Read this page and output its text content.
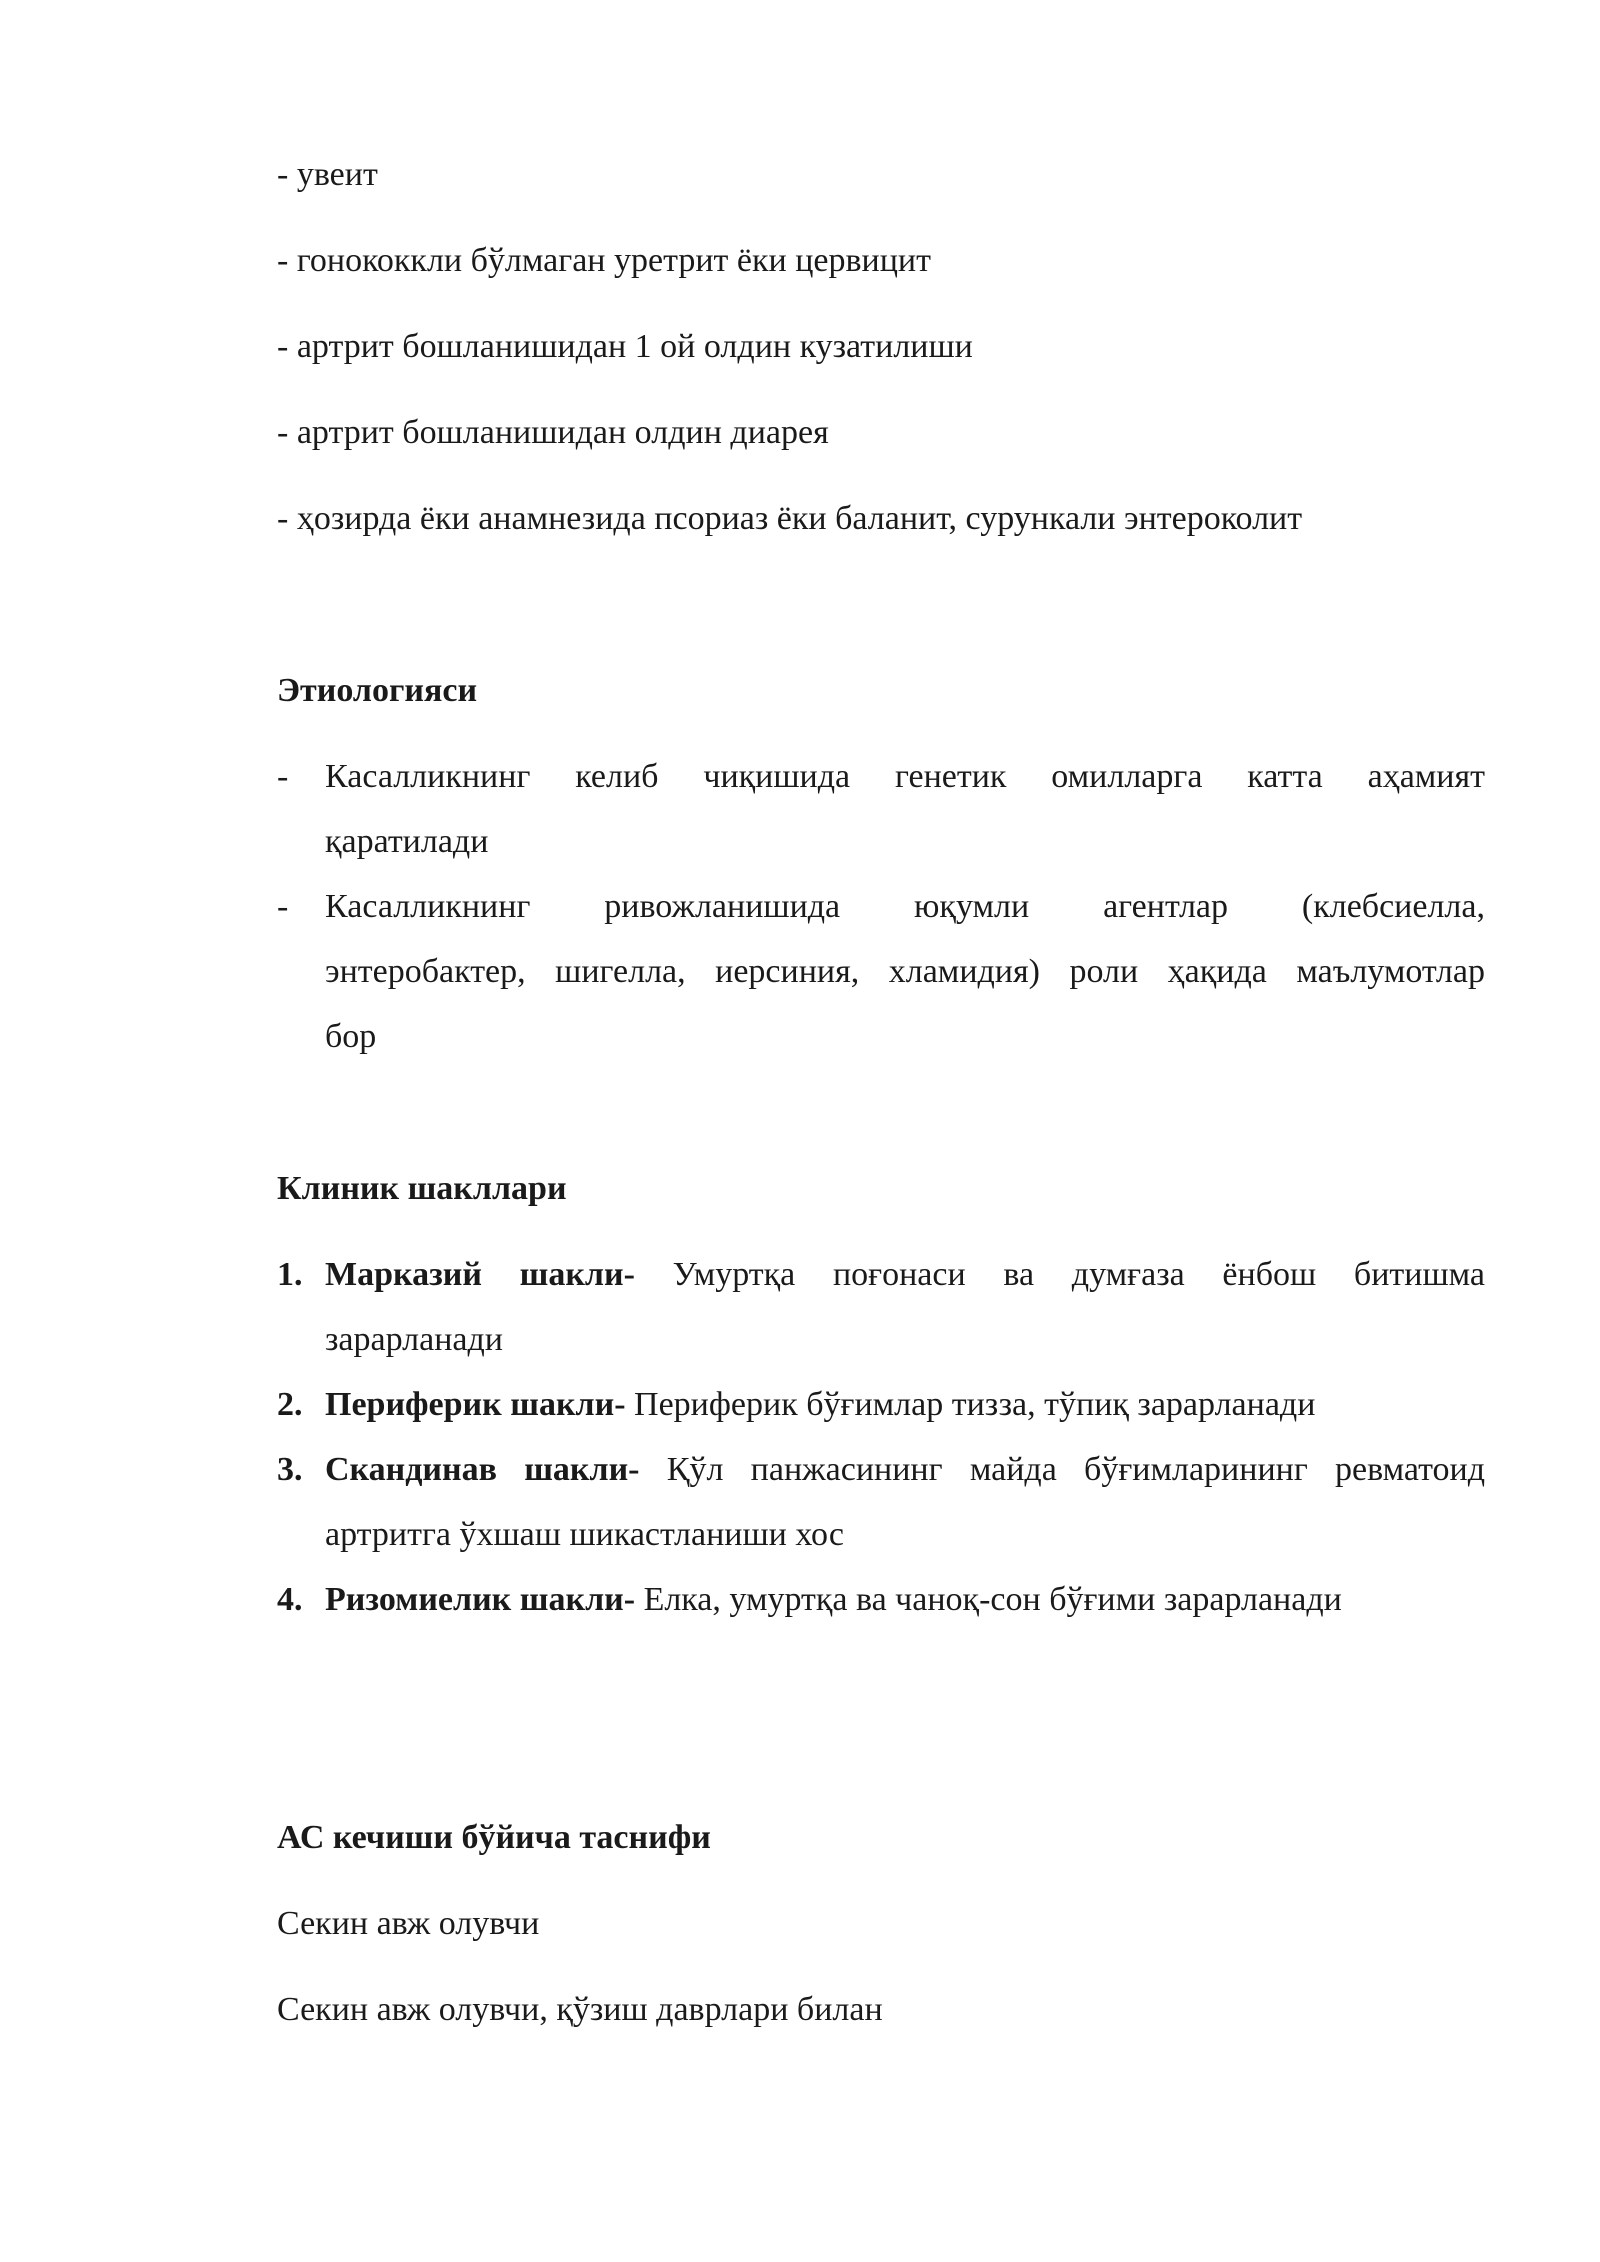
- увеит
- гонококкли бўлмаган уретрит ёки цервицит
- артрит бошланишидан 1 ой олдин кузатилиши
- артрит бошланишидан олдин диарея
- ҳозирда ёки анамнезида псориаз ёки баланит, сурункали энтероколит
Этиологияси
- Касалликнинг келиб чиқишида генетик омилларга катта аҳамият
қаратилади
- Касалликнинг ривожланишида юқумли агентлар (клебсиелла,
энтеробактер, шигелла, иерсиния, хламидия) роли ҳақида маълумотлар
бор
Клиник шакллари
1. Марказий шакли- Умуртқа поғонаси ва думғаза ёнбош битишма
зарарланади
2. Периферик шакли- Периферик бўғимлар тизза, тўпиқ зарарланади
3. Скандинав шакли- Қўл панжасининг майда бўғимларининг ревматоид
артритга ўхшаш шикастланиши хос
4. Ризомиелик шакли- Елка, умуртқа ва чаноқ-сон бўғими зарарланади
АС кечиши бўйича таснифи
Секин авж олувчи
Секин авж олувчи, қўзиш даврлари билан
